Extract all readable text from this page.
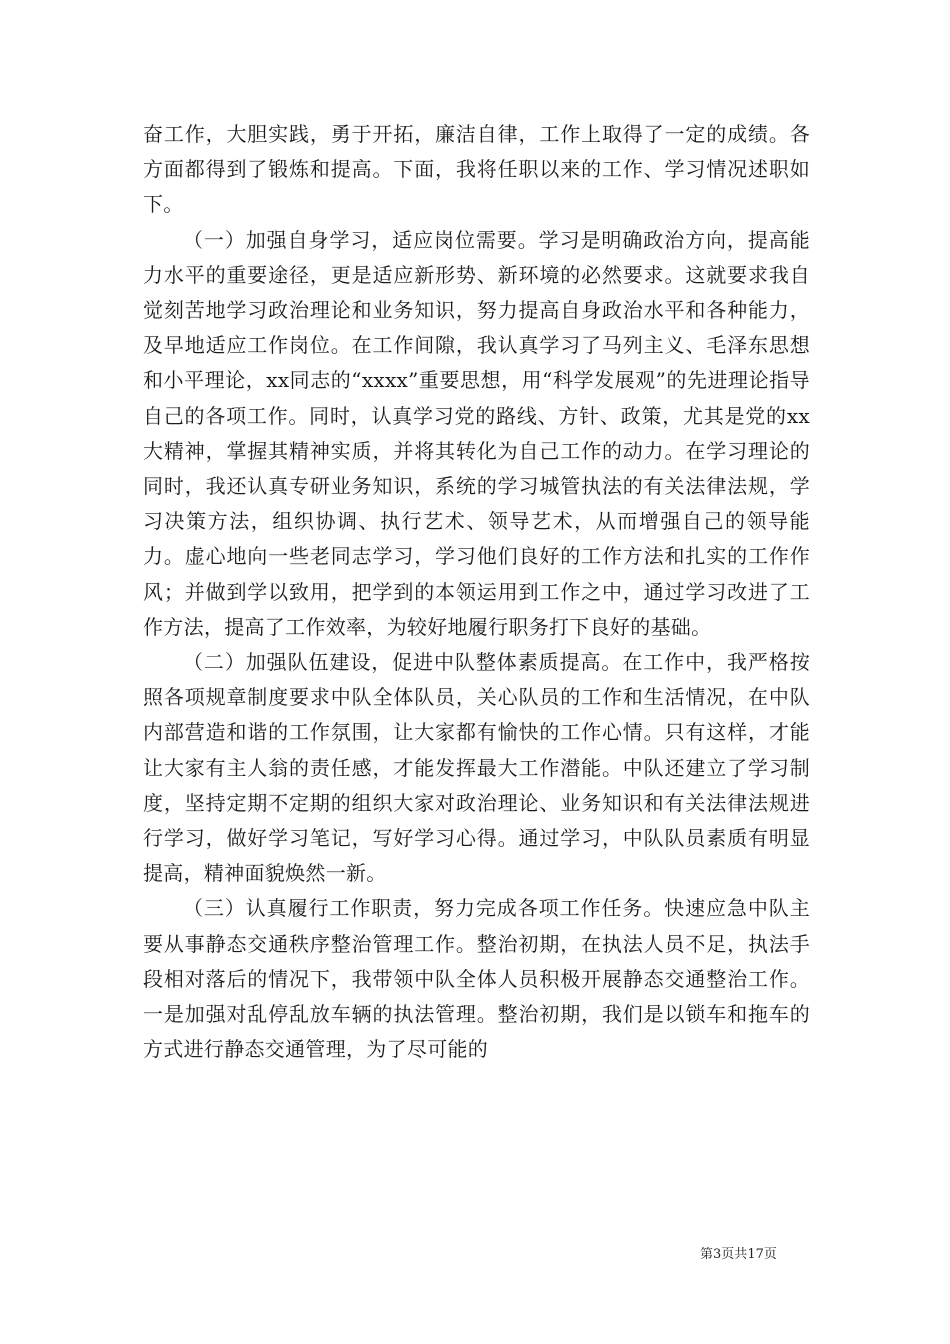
奋工作，大胆实践，勇于开拓，廉洁自律，工作上取得了一定的成绩。各方面都得到了锻炼和提高。下面，我将任职以来的工作、学习情况述职如下。

（一）加强自身学习，适应岗位需要。学习是明确政治方向，提高能力水平的重要途径，更是适应新形势、新环境的必然要求。这就要求我自觉刻苦地学习政治理论和业务知识，努力提高自身政治水平和各种能力，及早地适应工作岗位。在工作间隙，我认真学习了马列主义、毛泽东思想和小平理论，xx同志的“xxxx”重要思想，用“科学发展观”的先进理论指导自己的各项工作。同时，认真学习党的路线、方针、政策，尤其是党的xx大精神，掌握其精神实质，并将其转化为自己工作的动力。在学习理论的同时，我还认真专研业务知识，系统的学习城管执法的有关法律法规，学习决策方法，组织协调、执行艺术、领导艺术，从而增强自己的领导能力。虚心地向一些老同志学习，学习他们良好的工作方法和扎实的工作作风；并做到学以致用，把学到的本领运用到工作之中，通过学习改进了工作方法，提高了工作效率，为较好地履行职务打下良好的基础。

（二）加强队伍建设，促进中队整体素质提高。在工作中，我严格按照各项规章制度要求中队全体队员，关心队员的工作和生活情况，在中队内部营造和谐的工作氛围，让大家都有愉快的工作心情。只有这样，才能让大家有主人翁的责任感，才能发挥最大工作潜能。中队还建立了学习制度，坚持定期不定期的组织大家对政治理论、业务知识和有关法律法规进行学习，做好学习笔记，写好学习心得。通过学习，中队队员素质有明显提高，精神面貌焕然一新。

（三）认真履行工作职责，努力完成各项工作任务。快速应急中队主要从事静态交通秩序整治管理工作。整治初期，在执法人员不足，执法手段相对落后的情况下，我带领中队全体人员积极开展静态交通整治工作。一是加强对乱停乱放车辆的执法管理。整治初期，我们是以锁车和拖车的方式进行静态交通管理，为了尽可能的

第3页共17页
